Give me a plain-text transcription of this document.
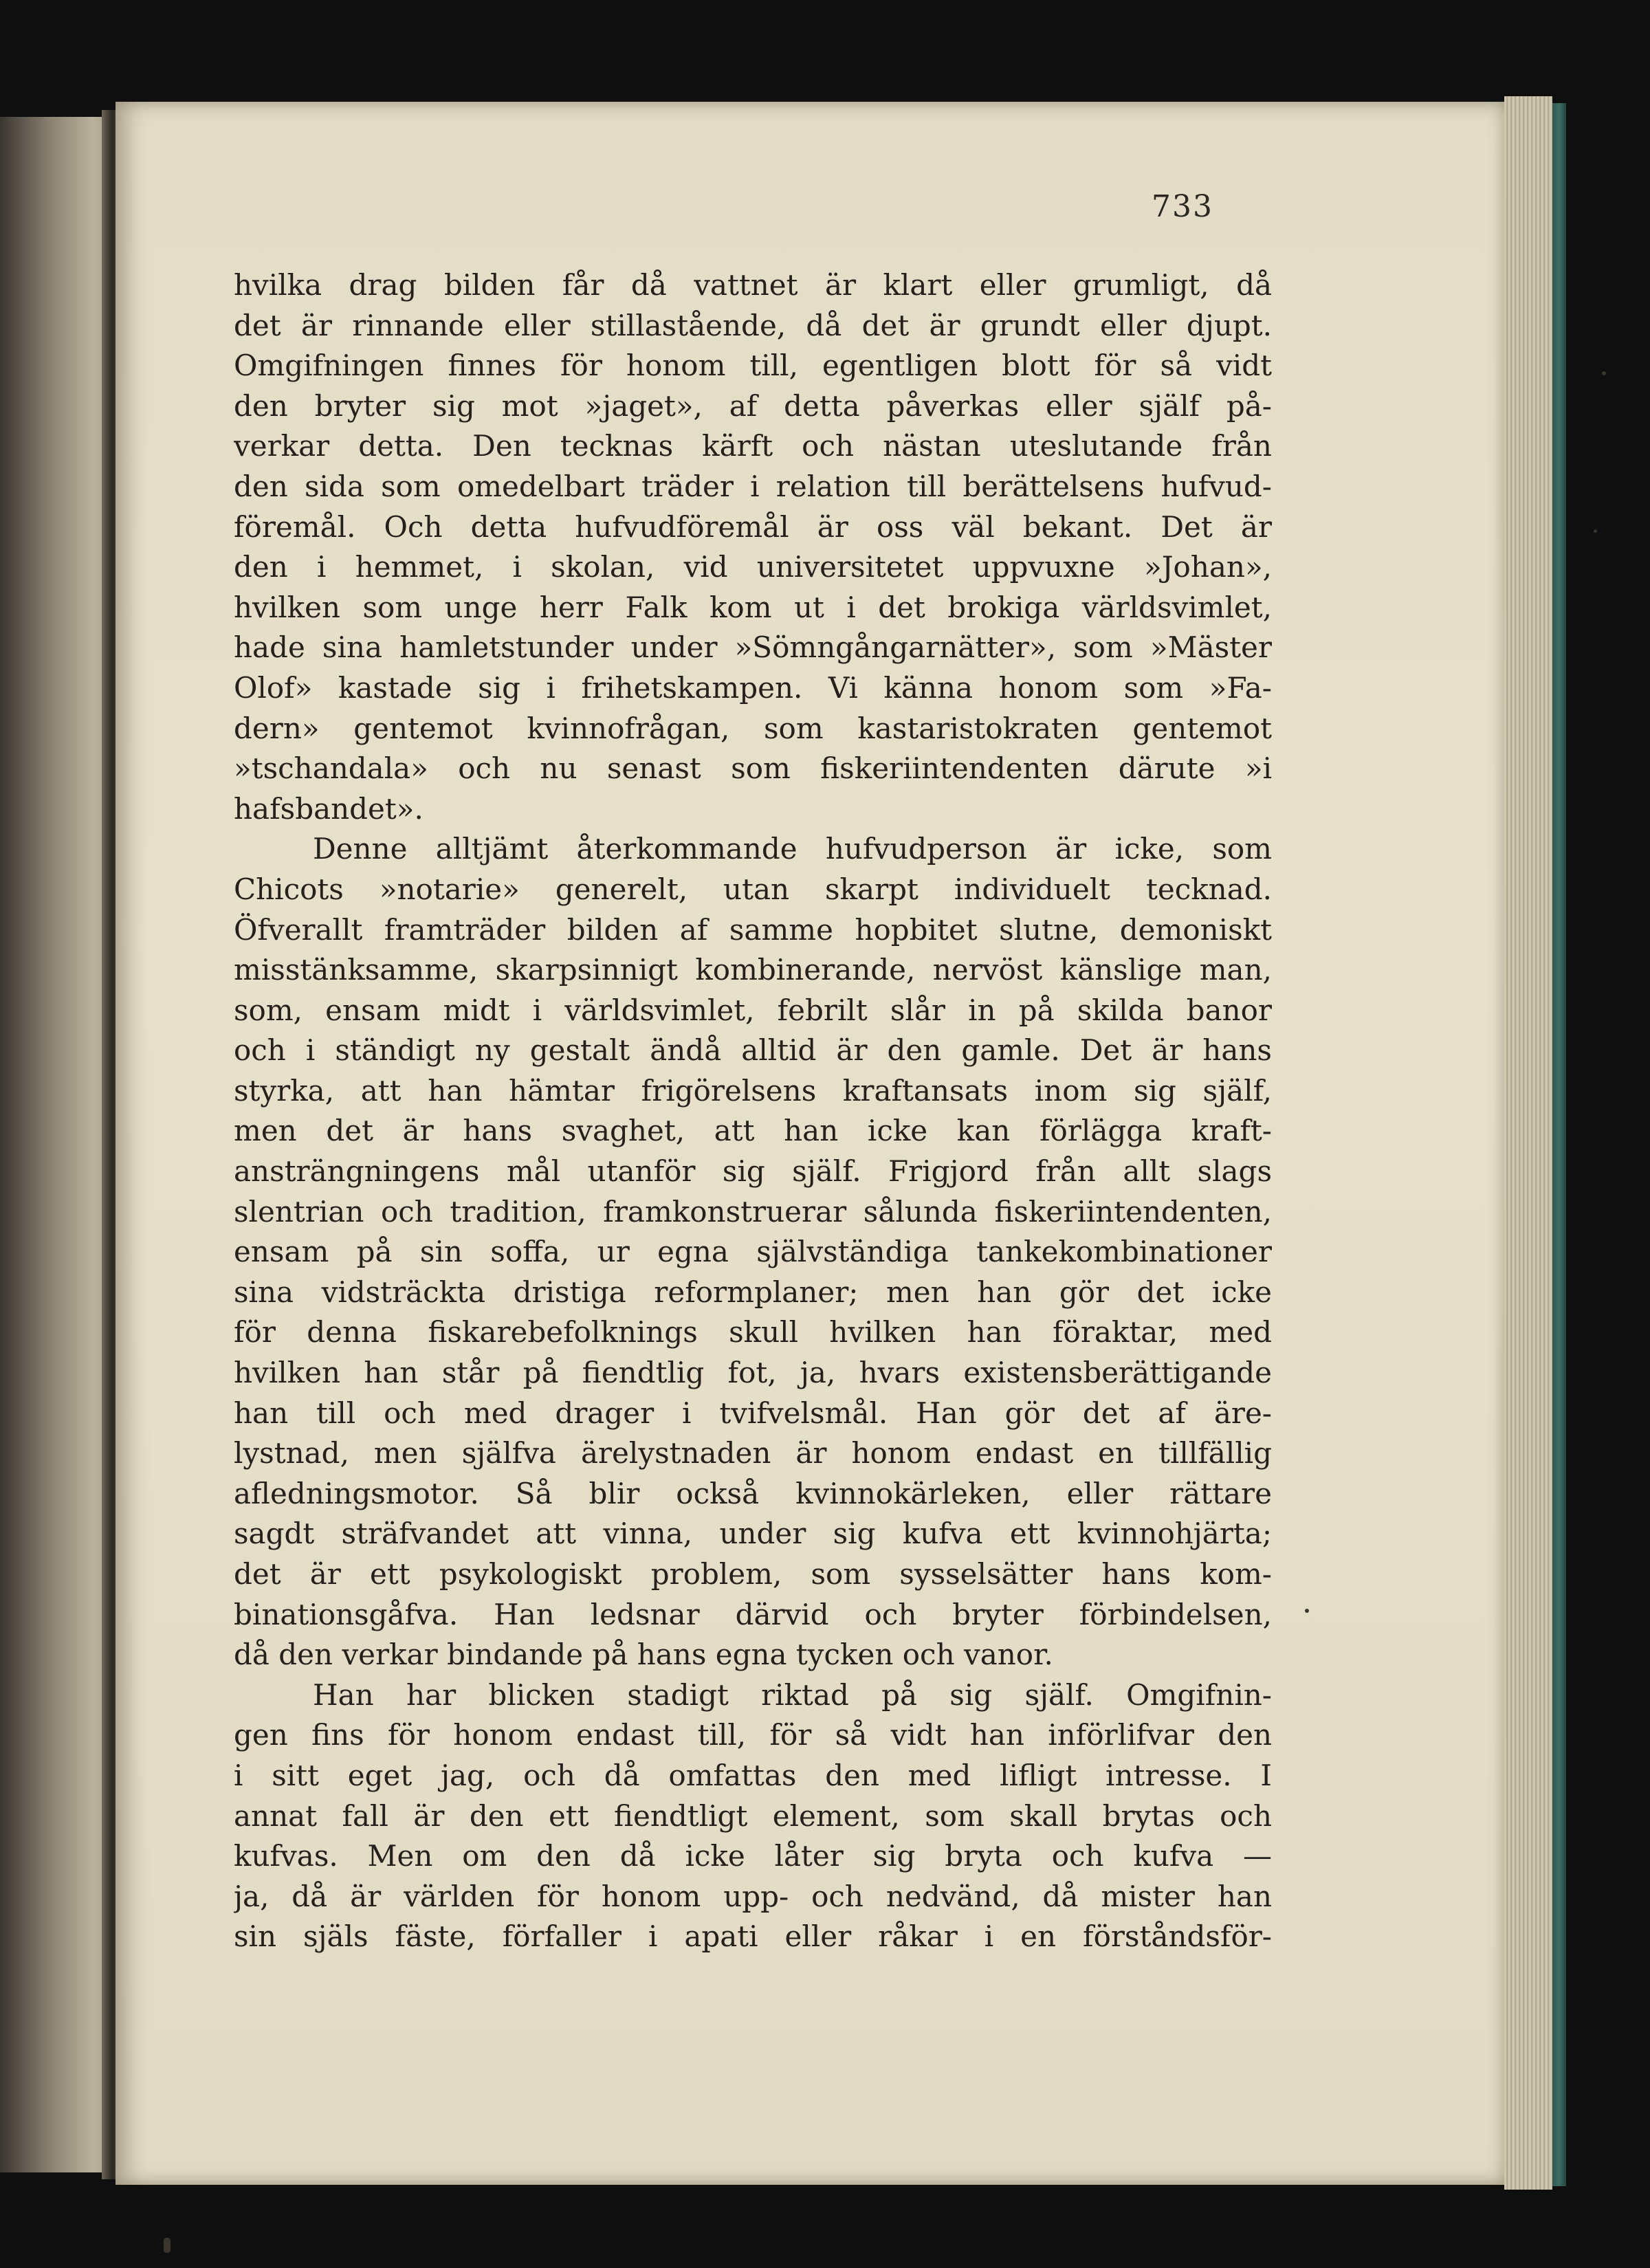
733
hvilka drag bilden får då vattnet är klart eller grumligt, då
det är rinnande eller stillastående, då det är grundt eller djupt.
Omgifningen finnes för honom till, egentligen blott för så vidt
den bryter sig mot »jaget», af detta påverkas eller själf på-
verkar detta. Den tecknas kärft och nästan uteslutande från
den sida som omedelbart träder i relation till berättelsens hufvud-
föremål. Och detta hufvudföremål är oss väl bekant. Det är
den i hemmet, i skolan, vid universitetet uppvuxne »Johan»,
hvilken som unge herr Falk kom ut i det brokiga världsvimlet,
hade sina hamletstunder under »Sömngångarnätter», som »Mäster
Olof» kastade sig i frihetskampen. Vi känna honom som »Fa-
dern» gentemot kvinnofrågan, som kastaristokraten gentemot
»tschandala» och nu senast som fiskeriintendenten därute »i
hafsbandet».
Denne alltjämt återkommande hufvudperson är icke, som
Chicots »notarie» generelt, utan skarpt individuelt tecknad.
Öfverallt framträder bilden af samme hopbitet slutne, demoniskt
misstänksamme, skarpsinnigt kombinerande, nervöst känslige man,
som, ensam midt i världsvimlet, febrilt slår in på skilda banor
och i ständigt ny gestalt ändå alltid är den gamle. Det är hans
styrka, att han hämtar frigörelsens kraftansats inom sig själf,
men det är hans svaghet, att han icke kan förlägga kraft-
ansträngningens mål utanför sig själf. Frigjord från allt slags
slentrian och tradition, framkonstruerar sålunda fiskeriintendenten,
ensam på sin soffa, ur egna självständiga tankekombinationer
sina vidsträckta dristiga reformplaner; men han gör det icke
för denna fiskarebefolknings skull hvilken han föraktar, med
hvilken han står på fiendtlig fot, ja, hvars existensberättigande
han till och med drager i tvifvelsmål. Han gör det af äre-
lystnad, men själfva ärelystnaden är honom endast en tillfällig
afledningsmotor. Så blir också kvinnokärleken, eller rättare
sagdt sträfvandet att vinna, under sig kufva ett kvinnohjärta;
det är ett psykologiskt problem, som sysselsätter hans kom-
binationsgåfva. Han ledsnar därvid och bryter förbindelsen,
då den verkar bindande på hans egna tycken och vanor.
Han har blicken stadigt riktad på sig själf. Omgifnin-
gen fins för honom endast till, för så vidt han införlifvar den
i sitt eget jag, och då omfattas den med lifligt intresse. I
annat fall är den ett fiendtligt element, som skall brytas och
kufvas. Men om den då icke låter sig bryta och kufva —
ja, då är världen för honom upp- och nedvänd, då mister han
sin själs fäste, förfaller i apati eller råkar i en förståndsför-
